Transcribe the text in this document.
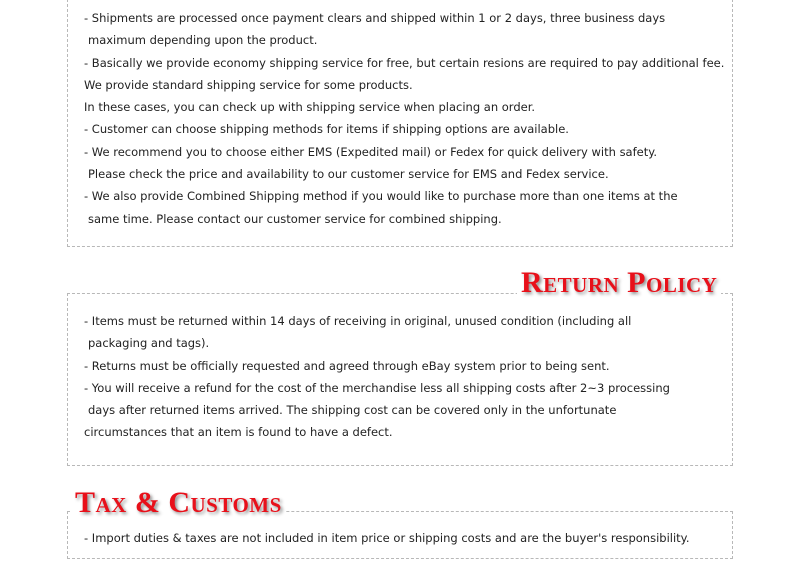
- Shipments are processed once payment clears and shipped within 1 or 2 days, three business days
maximum depending upon the product.
- Basically we provide economy shipping service for free, but certain resions are required to pay additional fee.
We provide standard shipping service for some products.
In these cases, you can check up with shipping service when placing an order.
- Customer can choose shipping methods for items if shipping options are available.
- We recommend you to choose either EMS (Expedited mail) or Fedex for quick delivery with safety.
Please check the price and availability to our customer service for EMS and Fedex service.
- We also provide Combined Shipping method if you would like to purchase more than one items at the
same time. Please contact our customer service for combined shipping.
- Items must be returned within 14 days of receiving in original, unused condition (including all
packaging and tags).
- Returns must be officially requested and agreed through eBay system prior to being sent.
- You will receive a refund for the cost of the merchandise less all shipping costs after 2~3 processing
days after returned items arrived. The shipping cost can be covered only in the unfortunate
circumstances that an item is found to have a defect.
Return Policy
- Import duties & taxes are not included in item price or shipping costs and are the buyer's responsibility.
Tax & Customs
